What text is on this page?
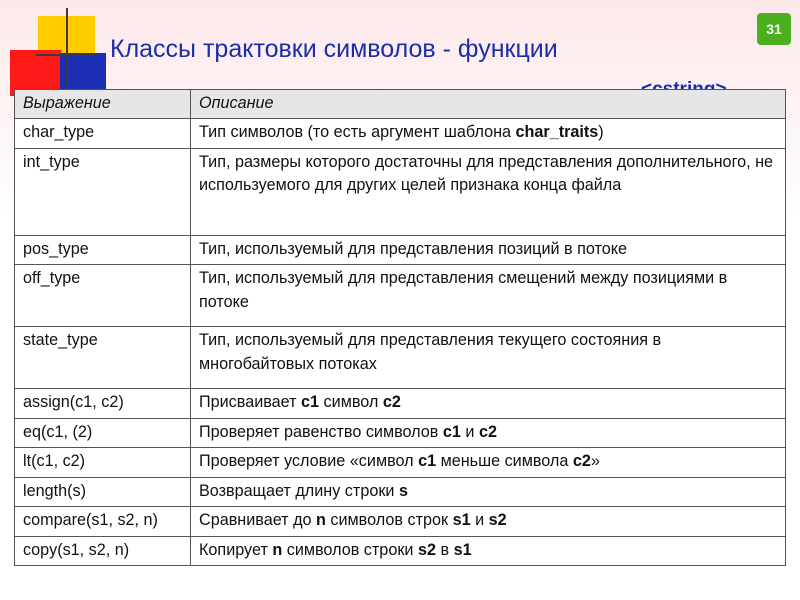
Классы трактовки символов - функции
31
Выражение	Описание
char_type	Тип символов (то есть аргумент шаблона char_traits)
int_type	Тип, размеры которого достаточны для представления дополнительного, не используемого для других целей признака конца файла
pos_type	Тип, используемый для представления позиций в потоке
off_type	Тип, используемый для представления смещений между позициями в потоке
state_type	Тип, используемый для представления текущего состояния в многобайтовых потоках
assign(c1, c2)	Присваивает c1 символ c2
eq(c1, (2)	Проверяет равенство символов c1 и c2
lt(c1, c2)	Проверяет условие «символ c1 меньше символа c2»
length(s)	Возвращает длину строки s
compare(s1, s2, n)	Сравнивает до n символов строк s1 и s2
copy(s1, s2, n)	Копирует n символов строки s2 в s1
